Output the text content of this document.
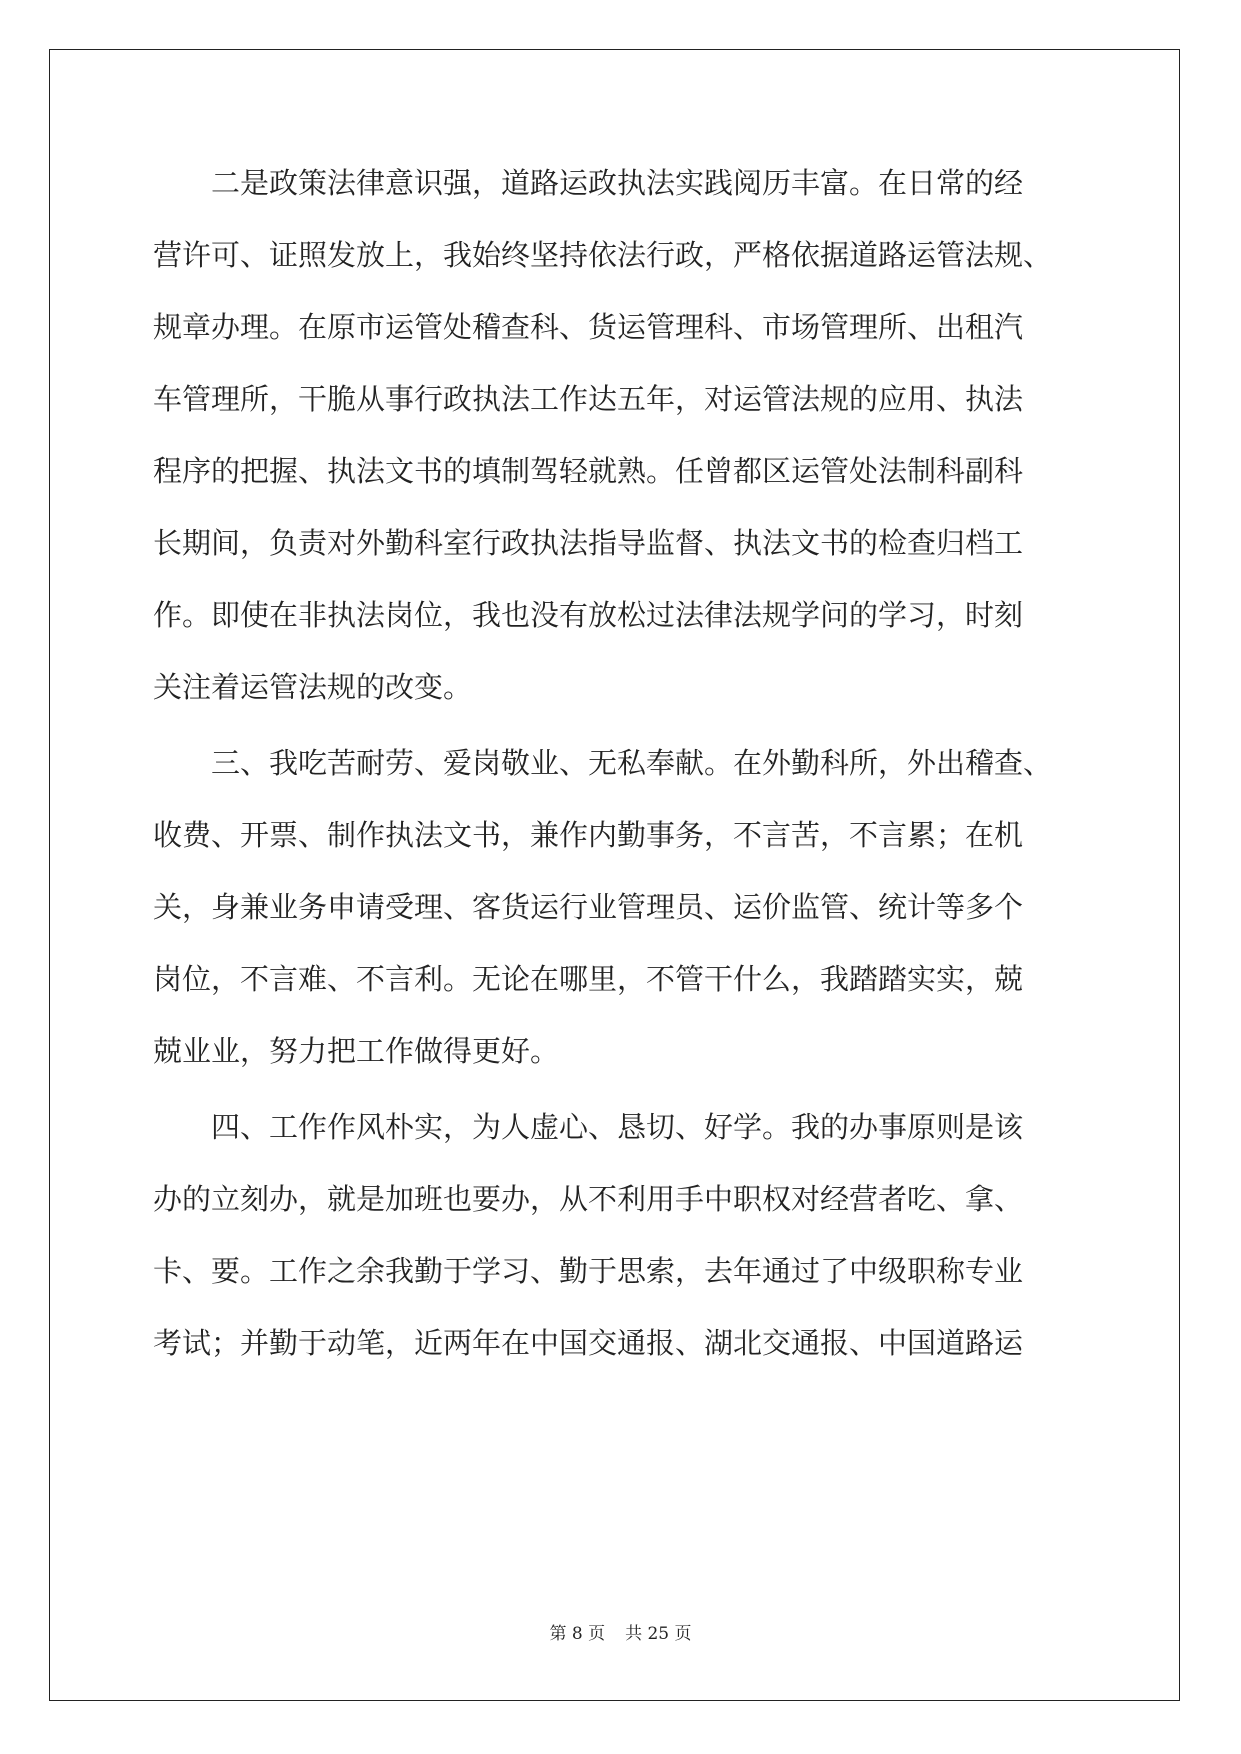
　　二是政策法律意识强，道路运政执法实践阅历丰富。在日常的经
营许可、证照发放上，我始终坚持依法行政，严格依据道路运管法规、
规章办理。在原市运管处稽查科、货运管理科、市场管理所、出租汽
车管理所，干脆从事行政执法工作达五年，对运管法规的应用、执法
程序的把握、执法文书的填制驾轻就熟。任曾都区运管处法制科副科
长期间，负责对外勤科室行政执法指导监督、执法文书的检查归档工
作。即使在非执法岗位，我也没有放松过法律法规学问的学习，时刻
关注着运管法规的改变。
　　三、我吃苦耐劳、爱岗敬业、无私奉献。在外勤科所，外出稽查、
收费、开票、制作执法文书，兼作内勤事务，不言苦，不言累；在机
关，身兼业务申请受理、客货运行业管理员、运价监管、统计等多个
岗位，不言难、不言利。无论在哪里，不管干什么，我踏踏实实，兢
兢业业，努力把工作做得更好。
　　四、工作作风朴实，为人虚心、恳切、好学。我的办事原则是该
办的立刻办，就是加班也要办，从不利用手中职权对经营者吃、拿、
卡、要。工作之余我勤于学习、勤于思索，去年通过了中级职称专业
考试；并勤于动笔，近两年在中国交通报、湖北交通报、中国道路运
第 8 页 共 25 页
